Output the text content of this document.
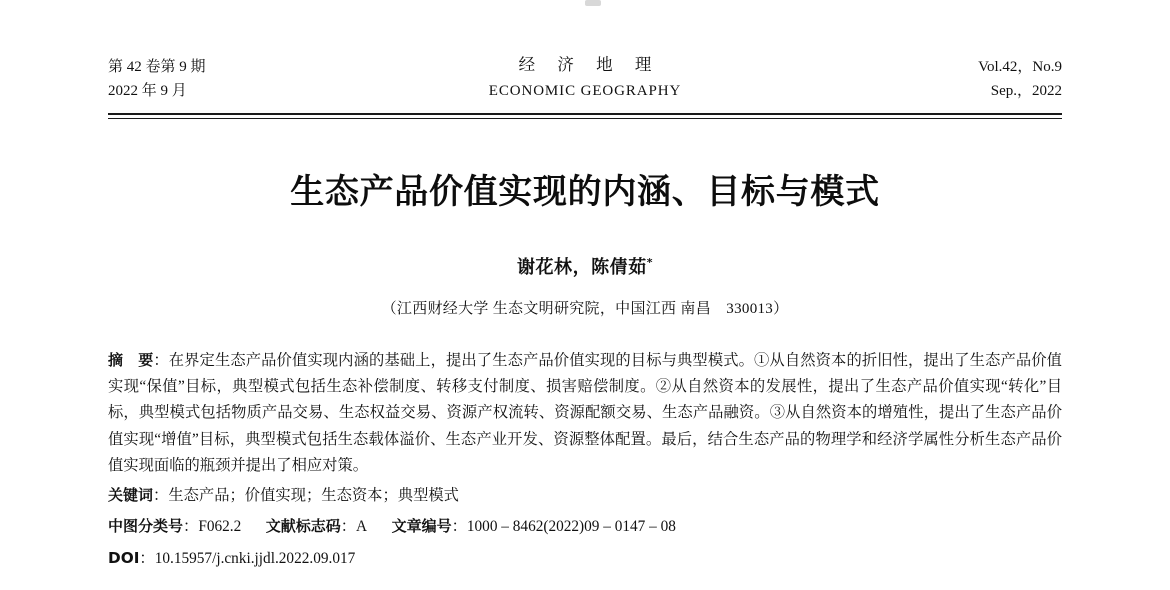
第 42 卷第 9 期
2022 年 9 月
经 济 地 理
ECONOMIC GEOGRAPHY
Vol.42，No.9
Sep.，2022
生态产品价值实现的内涵、目标与模式
谢花林，陈倩茹*
（江西财经大学 生态文明研究院，中国江西 南昌　330013）

摘　要：在界定生态产品价值实现内涵的基础上，提出了生态产品价值实现的目标与典型模式。①从自然资本的折旧性，提出了生态产品价值实现“保值”目标，典型模式包括生态补偿制度、转移支付制度、损害赔偿制度。②从自然资本的发展性，提出了生态产品价值实现“转化”目标，典型模式包括物质产品交易、生态权益交易、资源产权流转、资源配额交易、生态产品融资。③从自然资本的增殖性，提出了生态产品价值实现“增值”目标，典型模式包括生态载体溢价、生态产业开发、资源整体配置。最后，结合生态产品的物理学和经济学属性分析生态产品价值实现面临的瓶颈并提出了相应对策。

关键词：生态产品；价值实现；生态资本；典型模式

中图分类号：F062.2 文献标志码：A 文章编号：1000 – 8462(2022)09 – 0147 – 08

DOI：10.15957/j.cnki.jjdl.2022.09.017
